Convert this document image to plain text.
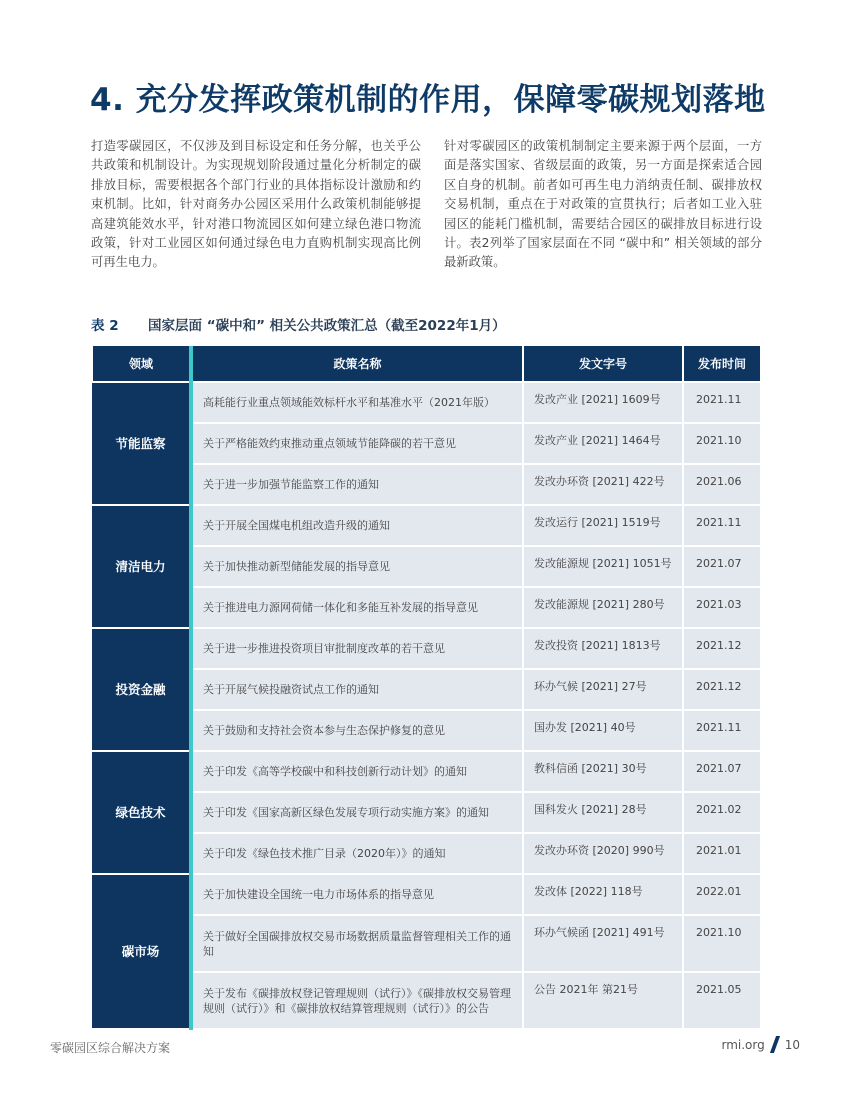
4. 充分发挥政策机制的作用，保障零碳规划落地
打造零碳园区，不仅涉及到目标设定和任务分解，也关乎公共政策和机制设计。为实现规划阶段通过量化分析制定的碳排放目标，需要根据各个部门行业的具体指标设计激励和约束机制。比如，针对商务办公园区采用什么政策机制能够提高建筑能效水平，针对港口物流园区如何建立绿色港口物流政策，针对工业园区如何通过绿色电力直购机制实现高比例可再生电力。
针对零碳园区的政策机制制定主要来源于两个层面，一方面是落实国家、省级层面的政策，另一方面是探索适合园区自身的机制。前者如可再生电力消纳责任制、碳排放权交易机制，重点在于对政策的宣贯执行；后者如工业入驻园区的能耗门槛机制，需要结合园区的碳排放目标进行设计。表2列举了国家层面在不同 “碳中和” 相关领域的部分最新政策。
表 2 国家层面 “碳中和” 相关公共政策汇总（截至2022年1月）
领域	政策名称	发文字号	发布时间
节能监察	高耗能行业重点领域能效标杆水平和基准水平（2021年版）	发改产业 [2021] 1609号	2021.11
	关于严格能效约束推动重点领域节能降碳的若干意见	发改产业 [2021] 1464号	2021.10
	关于进一步加强节能监察工作的通知	发改办环资 [2021] 422号	2021.06
清洁电力	关于开展全国煤电机组改造升级的通知	发改运行 [2021] 1519号	2021.11
	关于加快推动新型储能发展的指导意见	发改能源规 [2021] 1051号	2021.07
	关于推进电力源网荷储一体化和多能互补发展的指导意见	发改能源规 [2021] 280号	2021.03
投资金融	关于进一步推进投资项目审批制度改革的若干意见	发改投资 [2021] 1813号	2021.12
	关于开展气候投融资试点工作的通知	环办气候 [2021] 27号	2021.12
	关于鼓励和支持社会资本参与生态保护修复的意见	国办发 [2021] 40号	2021.11
绿色技术	关于印发《高等学校碳中和科技创新行动计划》的通知	教科信函 [2021] 30号	2021.07
	关于印发《国家高新区绿色发展专项行动实施方案》的通知	国科发火 [2021] 28号	2021.02
	关于印发《绿色技术推广目录（2020年）》的通知	发改办环资 [2020] 990号	2021.01
碳市场	关于加快建设全国统一电力市场体系的指导意见	发改体 [2022] 118号	2022.01
	关于做好全国碳排放权交易市场数据质量监督管理相关工作的通知	环办气候函 [2021] 491号	2021.10
	关于发布《碳排放权登记管理规则（试行）》《碳排放权交易管理规则（试行）》和《碳排放权结算管理规则（试行）》的公告	公告 2021年 第21号	2021.05
零碳园区综合解决方案	rmi.org 10
